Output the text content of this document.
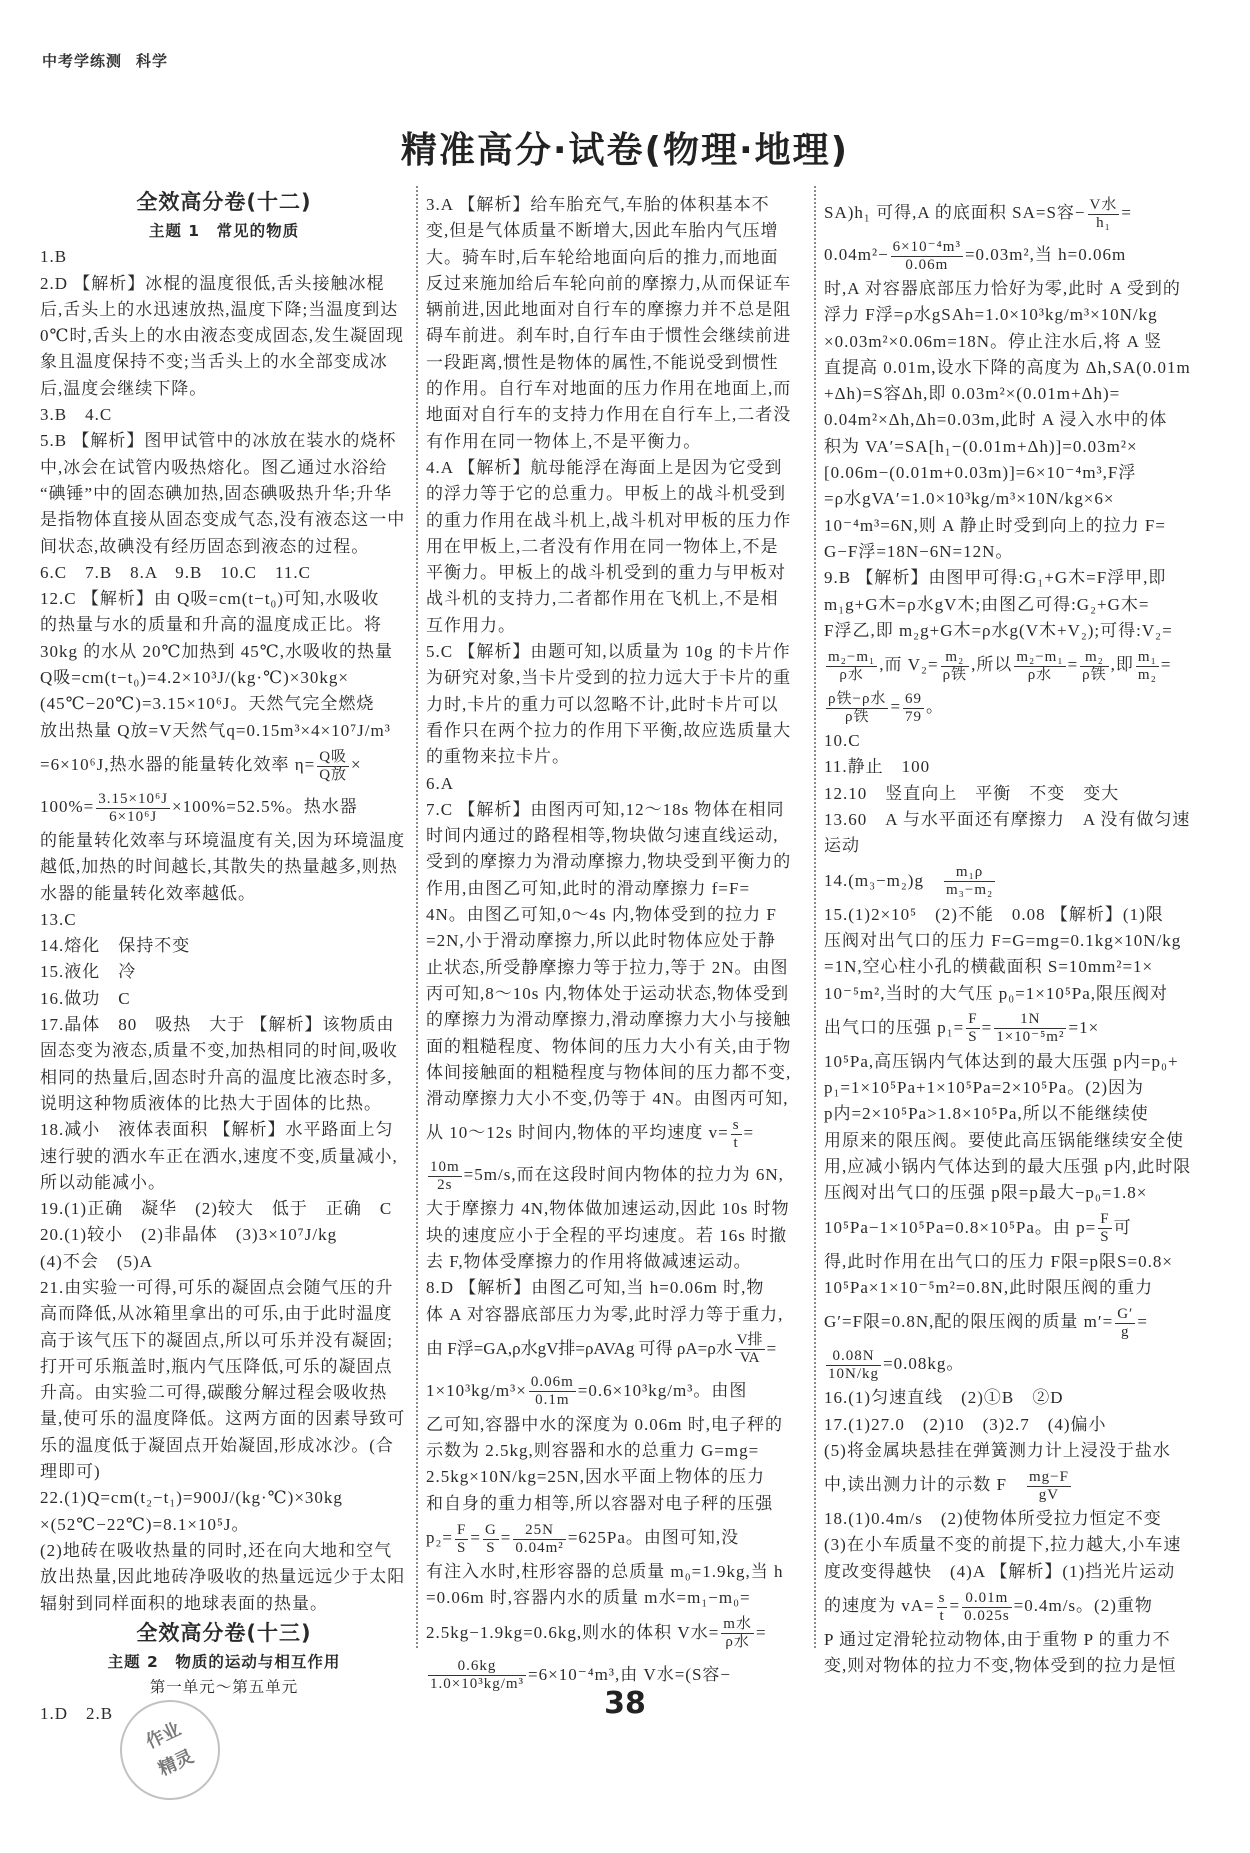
中考学练测 科学
精准高分·试卷(物理·地理)
全效高分卷(十二)
主题 1　常见的物质
1.B
2.D 【解析】冰棍的温度很低,舌头接触冰棍
后,舌头上的水迅速放热,温度下降;当温度到达
0℃时,舌头上的水由液态变成固态,发生凝固现
象且温度保持不变;当舌头上的水全部变成冰
后,温度会继续下降。
3.B　4.C
5.B 【解析】图甲试管中的冰放在装水的烧杯
中,冰会在试管内吸热熔化。图乙通过水浴给
“碘锤”中的固态碘加热,固态碘吸热升华;升华
是指物体直接从固态变成气态,没有液态这一中
间状态,故碘没有经历固态到液态的过程。
6.C　7.B　8.A　9.B　10.C　11.C
12.C 【解析】由 Q吸=cm(t−t₀)可知,水吸收
的热量与水的质量和升高的温度成正比。将
30kg 的水从 20℃加热到 45℃,水吸收的热量
Q吸=cm(t−t₀)=4.2×10³J/(kg·℃)×30kg×
(45℃−20℃)=3.15×10⁶J。天然气完全燃烧
放出热量 Q放=V天然气q=0.15m³×4×10⁷J/m³
=6×10⁶J,热水器的能量转化效率 $\eta= \frac{\text{Q吸}}{\text{Q放}}$ ×
$100\%= \frac{\text{3.15×10⁶J}}{\text{6×10⁶J}} \times 100\%=52.5\%$。热水器
的能量转化效率与环境温度有关,因为环境温度
越低,加热的时间越长,其散失的热量越多,则热
水器的能量转化效率越低。
13.C
14.熔化　保持不变
15.液化　冷
16.做功　C
17.晶体　80　吸热　大于 【解析】该物质由
固态变为液态,质量不变,加热相同的时间,吸收
相同的热量后,固态时升高的温度比液态时多,
说明这种物质液体的比热大于固体的比热。
18.减小　液体表面积 【解析】水平路面上匀
速行驶的洒水车正在洒水,速度不变,质量减小,
所以动能减小。
19.(1)正确　凝华　(2)较大　低于　正确　C
20.(1)较小　(2)非晶体　(3)3×10⁷J/kg
(4)不会　(5)A
21.由实验一可得,可乐的凝固点会随气压的升
高而降低,从冰箱里拿出的可乐,由于此时温度
高于该气压下的凝固点,所以可乐并没有凝固;
打开可乐瓶盖时,瓶内气压降低,可乐的凝固点
升高。由实验二可得,碳酸分解过程会吸收热
量,使可乐的温度降低。这两方面的因素导致可
乐的温度低于凝固点开始凝固,形成冰沙。(合
理即可)
22.(1)Q=cm(t₂−t₁)=900J/(kg·℃)×30kg
×(52℃−22℃)=8.1×10⁵J。
(2)地砖在吸收热量的同时,还在向大地和空气
放出热量,因此地砖净吸收的热量远远少于太阳
辐射到同样面积的地球表面的热量。
全效高分卷(十三)
主题 2　物质的运动与相互作用
第一单元～第五单元
1.D　2.B
3.A 【解析】给车胎充气,车胎的体积基本不
变,但是气体质量不断增大,因此车胎内气压增
大。骑车时,后车轮给地面向后的推力,而地面
反过来施加给后车轮向前的摩擦力,从而保证车
辆前进,因此地面对自行车的摩擦力并不总是阻
碍车前进。刹车时,自行车由于惯性会继续前进
一段距离,惯性是物体的属性,不能说受到惯性
的作用。自行车对地面的压力作用在地面上,而
地面对自行车的支持力作用在自行车上,二者没
有作用在同一物体上,不是平衡力。
4.A 【解析】航母能浮在海面上是因为它受到
的浮力等于它的总重力。甲板上的战斗机受到
的重力作用在战斗机上,战斗机对甲板的压力作
用在甲板上,二者没有作用在同一物体上,不是
平衡力。甲板上的战斗机受到的重力与甲板对
战斗机的支持力,二者都作用在飞机上,不是相
互作用力。
5.C 【解析】由题可知,以质量为 10g 的卡片作
为研究对象,当卡片受到的拉力远大于卡片的重
力时,卡片的重力可以忽略不计,此时卡片可以
看作只在两个拉力的作用下平衡,故应选质量大
的重物来拉卡片。
6.A
7.C 【解析】由图丙可知,12～18s 物体在相同
时间内通过的路程相等,物块做匀速直线运动,
受到的摩擦力为滑动摩擦力,物块受到平衡力的
作用,由图乙可知,此时的滑动摩擦力 f=F=
4N。由图乙可知,0～4s 内,物体受到的拉力 F
=2N,小于滑动摩擦力,所以此时物体应处于静
止状态,所受静摩擦力等于拉力,等于 2N。由图
丙可知,8～10s 内,物体处于运动状态,物体受到
的摩擦力为滑动摩擦力,滑动摩擦力大小与接触
面的粗糙程度、物体间的压力大小有关,由于物
体间接触面的粗糙程度与物体间的压力都不变,
滑动摩擦力大小不变,仍等于 4N。由图丙可知,
从 10～12s 时间内,物体的平均速度 $v= \frac{s}{t}$ =
$\frac{10m}{2s} =5m/s$,而在这段时间内物体的拉力为 6N,
大于摩擦力 4N,物体做加速运动,因此 10s 时物
块的速度应小于全程的平均速度。若 16s 时撤
去 F,物体受摩擦力的作用将做减速运动。
8.D 【解析】由图乙可知,当 h=0.06m 时,物
体 A 对容器底部压力为零,此时浮力等于重力,
由 F浮=GA,ρ水gV排=ρAVAg 可得 ρA=ρ水 $\frac{\text{V排}}{VA}$ =
$1\times 10^3kg/m^3\times \frac{0.06m}{0.1m} =0.6\times 10^3kg/m^3$。由图
乙可知,容器中水的深度为 0.06m 时,电子秤的
示数为 2.5kg,则容器和水的总重力 G=mg=
2.5kg×10N/kg=25N,因水平面上物体的压力
和自身的重力相等,所以容器对电子秤的压强
$p_2= \frac{F}{S} = \frac{G}{S} = \frac{25N}{\text{0.04m²}} =625Pa$。由图可知,没
有注入水时,柱形容器的总质量 m₀=1.9kg,当 h
=0.06m 时,容器内水的质量 m水=m₁−m₀=
2.5kg−1.9kg=0.6kg,则水的体积 V水= $\frac{\text{m水}}{\text{ρ水}}$ =
$\frac{0.6kg}{\text{1.0×10³kg/m³}} =6\times 10^{-4}m^3$,由 V水=(S容−
SA)h₁ 可得,A 的底面积 SA=S容− $\frac{\text{V水}}{\text{h₁}}$ =
$0.04m^2- \frac{\text{6×10⁻⁴m³}}{0.06m} =0.03m^2$,当 h=0.06m
时,A 对容器底部压力恰好为零,此时 A 受到的
浮力 F浮=ρ水gSAh=1.0×10³kg/m³×10N/kg
×0.03m²×0.06m=18N。停止注水后,将 A 竖
直提高 0.01m,设水下降的高度为 Δh,SA(0.01m
+Δh)=S容Δh,即 0.03m²×(0.01m+Δh)=
0.04m²×Δh,Δh=0.03m,此时 A 浸入水中的体
积为 VA′=SA[h₁−(0.01m+Δh)]=0.03m²×
[0.06m−(0.01m+0.03m)]=6×10⁻⁴m³,F浮
=ρ水gVA′=1.0×10³kg/m³×10N/kg×6×
10⁻⁴m³=6N,则 A 静止时受到向上的拉力 F=
G−F浮=18N−6N=12N。
9.B 【解析】由图甲可得:G₁+G木=F浮甲,即
m₁g+G木=ρ水gV木;由图乙可得:G₂+G木=
F浮乙,即 m₂g+G木=ρ水g(V木+V₂);可得:V₂=
$\frac{\text{m₂−m₁}}{\text{ρ水}}$ ,而 $V_2= \frac{\text{m₂}}{\text{ρ铁}}$ ,所以 $\frac{\text{m₂−m₁}}{\text{ρ水}} = \frac{\text{m₂}}{\text{ρ铁}}$ ,即 $\frac{\text{m₁}}{\text{m₂}}$ =
$\frac{\text{ρ铁−ρ水}}{\text{ρ铁}} = \frac{69}{79}$ 。
10.C
11.静止　100
12.10　竖直向上　平衡　不变　变大
13.60　A 与水平面还有摩擦力　A 没有做匀速
运动
14.(m₃−m₂)g　 $\frac{\text{m₁ρ}}{\text{m₃−m₂}}$
15.(1)2×10⁵　(2)不能　0.08 【解析】(1)限
压阀对出气口的压力 F=G=mg=0.1kg×10N/kg
=1N,空心柱小孔的横截面积 S=10mm²=1×
10⁻⁵m²,当时的大气压 p₀=1×10⁵Pa,限压阀对
出气口的压强 $p_1= \frac{F}{S} = \frac{1N}{\text{1×10⁻⁵m²}} =1\times$
10⁵Pa,高压锅内气体达到的最大压强 p内=p₀+
p₁=1×10⁵Pa+1×10⁵Pa=2×10⁵Pa。(2)因为
p内=2×10⁵Pa>1.8×10⁵Pa,所以不能继续使
用原来的限压阀。要使此高压锅能继续安全使
用,应减小锅内气体达到的最大压强 p内,此时限
压阀对出气口的压强 p限=p最大−p₀=1.8×
10⁵Pa−1×10⁵Pa=0.8×10⁵Pa。由 $p= \frac{F}{S}$ 可
得,此时作用在出气口的压力 F限=p限S=0.8×
10⁵Pa×1×10⁻⁵m²=0.8N,此时限压阀的重力
G′=F限=0.8N,配的限压阀的质量 $m'= \frac{G'}{g}$ =
$\frac{0.08N}{10N/kg} =0.08kg$。
16.(1)匀速直线　(2)①B　②D
17.(1)27.0　(2)10　(3)2.7　(4)偏小
(5)将金属块悬挂在弹簧测力计上浸没于盐水
中,读出测力计的示数 F　 $\frac{mg-F}{gV}$
18.(1)0.4m/s　(2)使物体所受拉力恒定不变
(3)在小车质量不变的前提下,拉力越大,小车速
度改变得越快　(4)A 【解析】(1)挡光片运动
的速度为 $vA= \frac{s}{t} = \frac{0.01m}{0.025s} =0.4m/s$。(2)重物
P 通过定滑轮拉动物体,由于重物 P 的重力不
变,则对物体的拉力不变,物体受到的拉力是恒
作业
精灵
38
